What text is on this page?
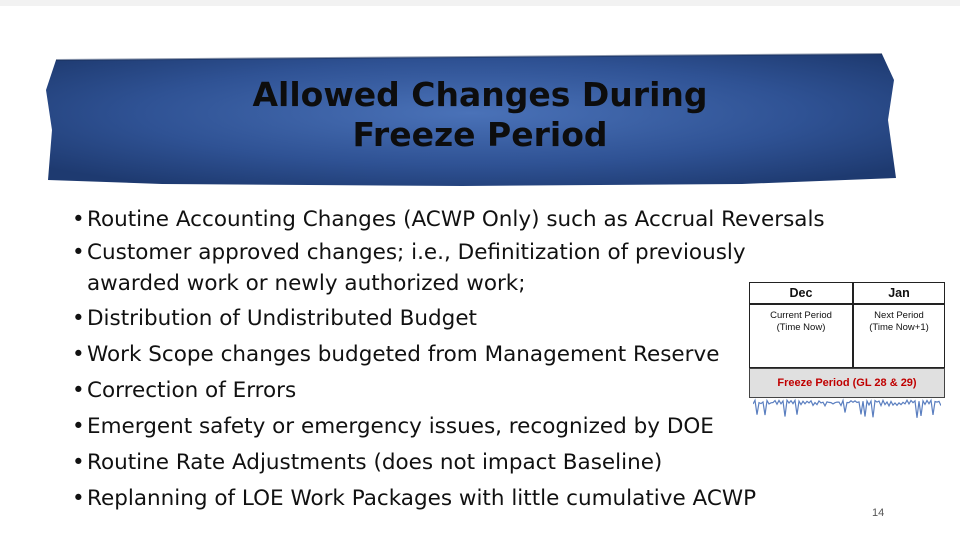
Allowed Changes During
Freeze Period
• Routine Accounting Changes (ACWP Only) such as Accrual Reversals
• Customer approved changes; i.e., Definitization of previously
awarded work or newly authorized work;
• Distribution of Undistributed Budget
• Work Scope changes budgeted from Management Reserve
• Correction of Errors
• Emergent safety or emergency issues, recognized by DOE
• Routine Rate Adjustments (does not impact Baseline)
• Replanning of LOE Work Packages with little cumulative ACWP
Dec	Jan
Current Period
(Time Now)
Next Period
(Time Now+1)
Freeze Period (GL 28 & 29)
14
